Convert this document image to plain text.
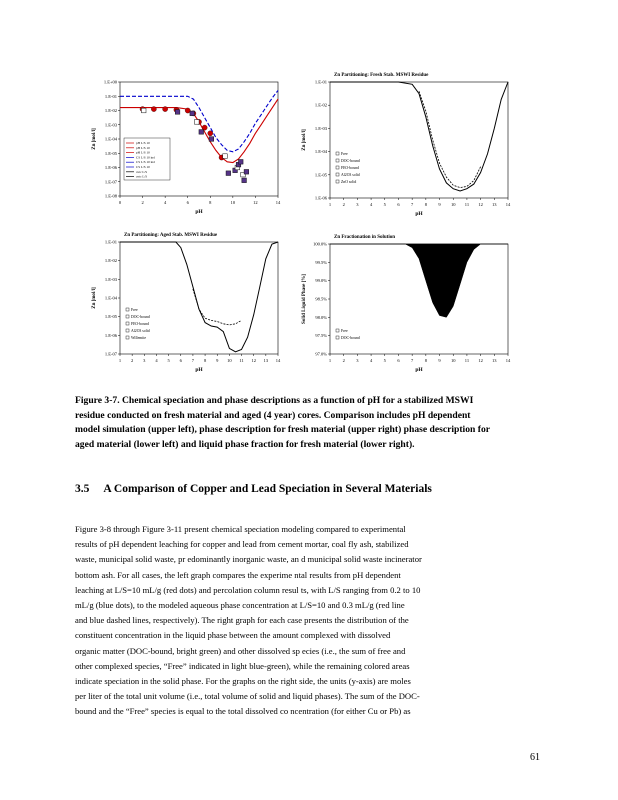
0	2	4	6	8	10	12	14
1.E+00
1.E-01
1.E-02
1.E-03
1.E-04
1.E-05
1.E-06
1.E-07
1.E-08
pH
Zn [mol/l]	pH L/S 10
pH L/S 10
pH L/S 10
CS L/S 10 ind
CS L/S 10 ind
CS L/S 10
avtc L/S
avtc L/S
Zn Partitioning: Fresh Stab. MSWI Residue
1	2	3	4	5	6	7	8	9 10 11 12 13 14
1.E-01
1.E-02
1.E-03
1.E-04
1.E-05
1.E-06
pH
Zn [mol/l]
Free
DOC-bound
FEO-bound
Al2O3 solid
ZnO solid
Zn Partitioning: Aged Stab. MSWI Residue
1 2 3 4 5 6 7 8 9 10 11 12 13 14
1.E-01
1.E-02
1.E-03
1.E-04
1.E-05
1.E-06
1.E-07
pH
Zn [mol/l]
Free
DOC-bound
FEO-bound
Al2O3 solid
Willemite
Zn Fractionation in Solution
1	2	3	4	5	6	7	8	9 10 11 12 13 14
100.0%
99.5%
99.0%
98.5%
98.0%
97.5%
97.0%
pH
Solid Liquid Phase [%]
Free
DOC-bound
Figure 3‑7. Chemical speciation and phase descriptions as a function of pH for a stabilized MSWI
residue conducted on fresh material and aged (4 year) cores. Comparison includes pH dependent
model simulation (upper left), phase description for fresh material (upper right) phase description for
aged material (lower left) and liquid phase fraction for fresh material (lower right).
3.5 A Comparison of Copper and Lead Speciation in Several Materials
Figure 3‑8 through Figure 3‑11 present chemical speciation modeling compared to experimental
results of pH dependent leaching for copper and lead from cement mortar, coal fly ash, stabilized
waste, municipal solid waste, pr edominantly inorganic waste, an d municipal solid waste incinerator
bottom ash. For all cases, the left graph compares the experime ntal results from pH dependent
leaching at L/S=10 mL/g (red dots) and percolation column resul ts, with L/S ranging from 0.2 to 10
mL/g (blue dots), to the modeled aqueous phase concentration at L/S=10 and 0.3 mL/g (red line
and blue dashed lines, respectively). The right graph for each case presents the distribution of the
constituent concentration in the liquid phase between the amount complexed with dissolved
organic matter (DOC‑bound, bright green) and other dissolved sp ecies (i.e., the sum of free and
other complexed species, “Free” indicated in light blue‑green), while the remaining colored areas
indicate speciation in the solid phase. For the graphs on the right side, the units (y‑axis) are moles
per liter of the total unit volume (i.e., total volume of solid and liquid phases). The sum of the DOC‑
bound and the “Free” species is equal to the total dissolved co ncentration (for either Cu or Pb) as
61
